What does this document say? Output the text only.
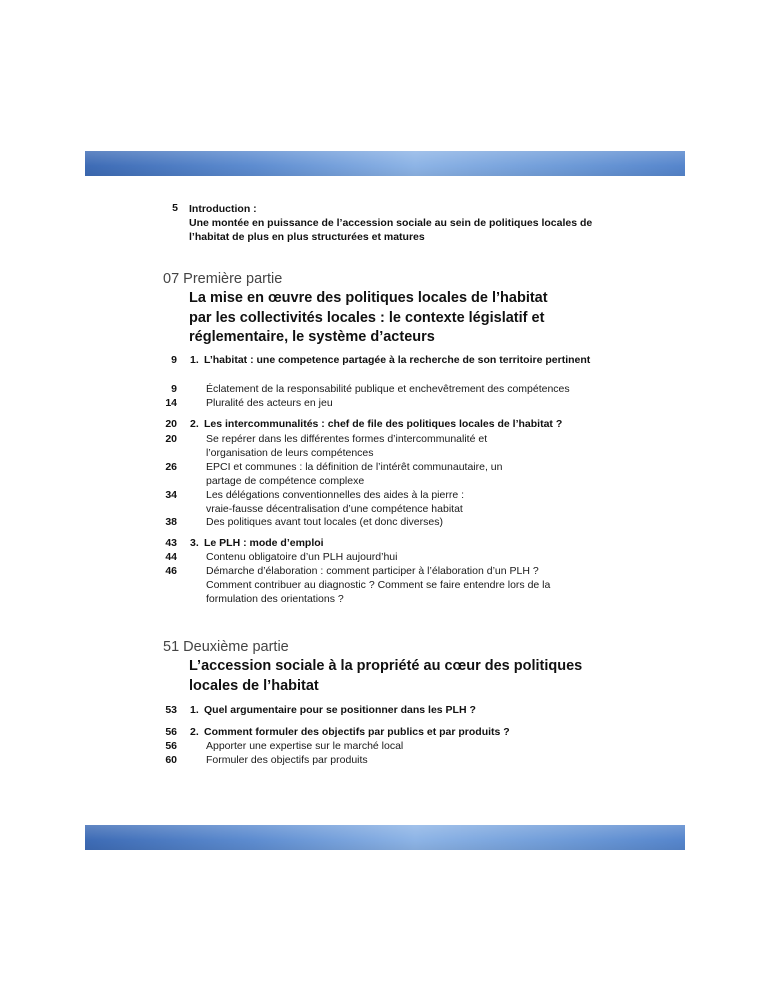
5 Introduction :
Une montée en puissance de l’accession sociale au sein de politiques locales de l’habitat de plus en plus structurées et matures
07 Première partie
La mise en œuvre des politiques locales de l’habitat par les collectivités locales : le contexte législatif et réglementaire, le système d’acteurs
9 1. L’habitat : une competence partagée à la recherche de son territoire pertinent
9	Éclatement de la responsabilité publique et enchevêtrement des compétences
14	Pluralité des acteurs en jeu
20 2. Les intercommunalités : chef de file des politiques locales de l’habitat ?
20	Se repérer dans les différentes formes d’intercommunalité et l’organisation de leurs compétences
26	EPCI et communes : la définition de l’intérêt communautaire, un partage de compétence complexe
34	Les délégations conventionnelles des aides à la pierre : vraie-fausse décentralisation d’une compétence habitat
38	Des politiques avant tout locales (et donc diverses)
43 3. Le PLH : mode d’emploi
44	Contenu obligatoire d’un PLH aujourd’hui
46	Démarche d’élaboration : comment participer à l’élaboration d’un PLH ? Comment contribuer au diagnostic ? Comment se faire entendre lors de la formulation des orientations ?
51 Deuxième partie
L’accession sociale à la propriété au cœur des politiques locales de l’habitat
53 1. Quel argumentaire pour se positionner dans les PLH ?
56 2. Comment formuler des objectifs par publics et par produits ?
56	Apporter une expertise sur le marché local
60	Formuler des objectifs par produits
